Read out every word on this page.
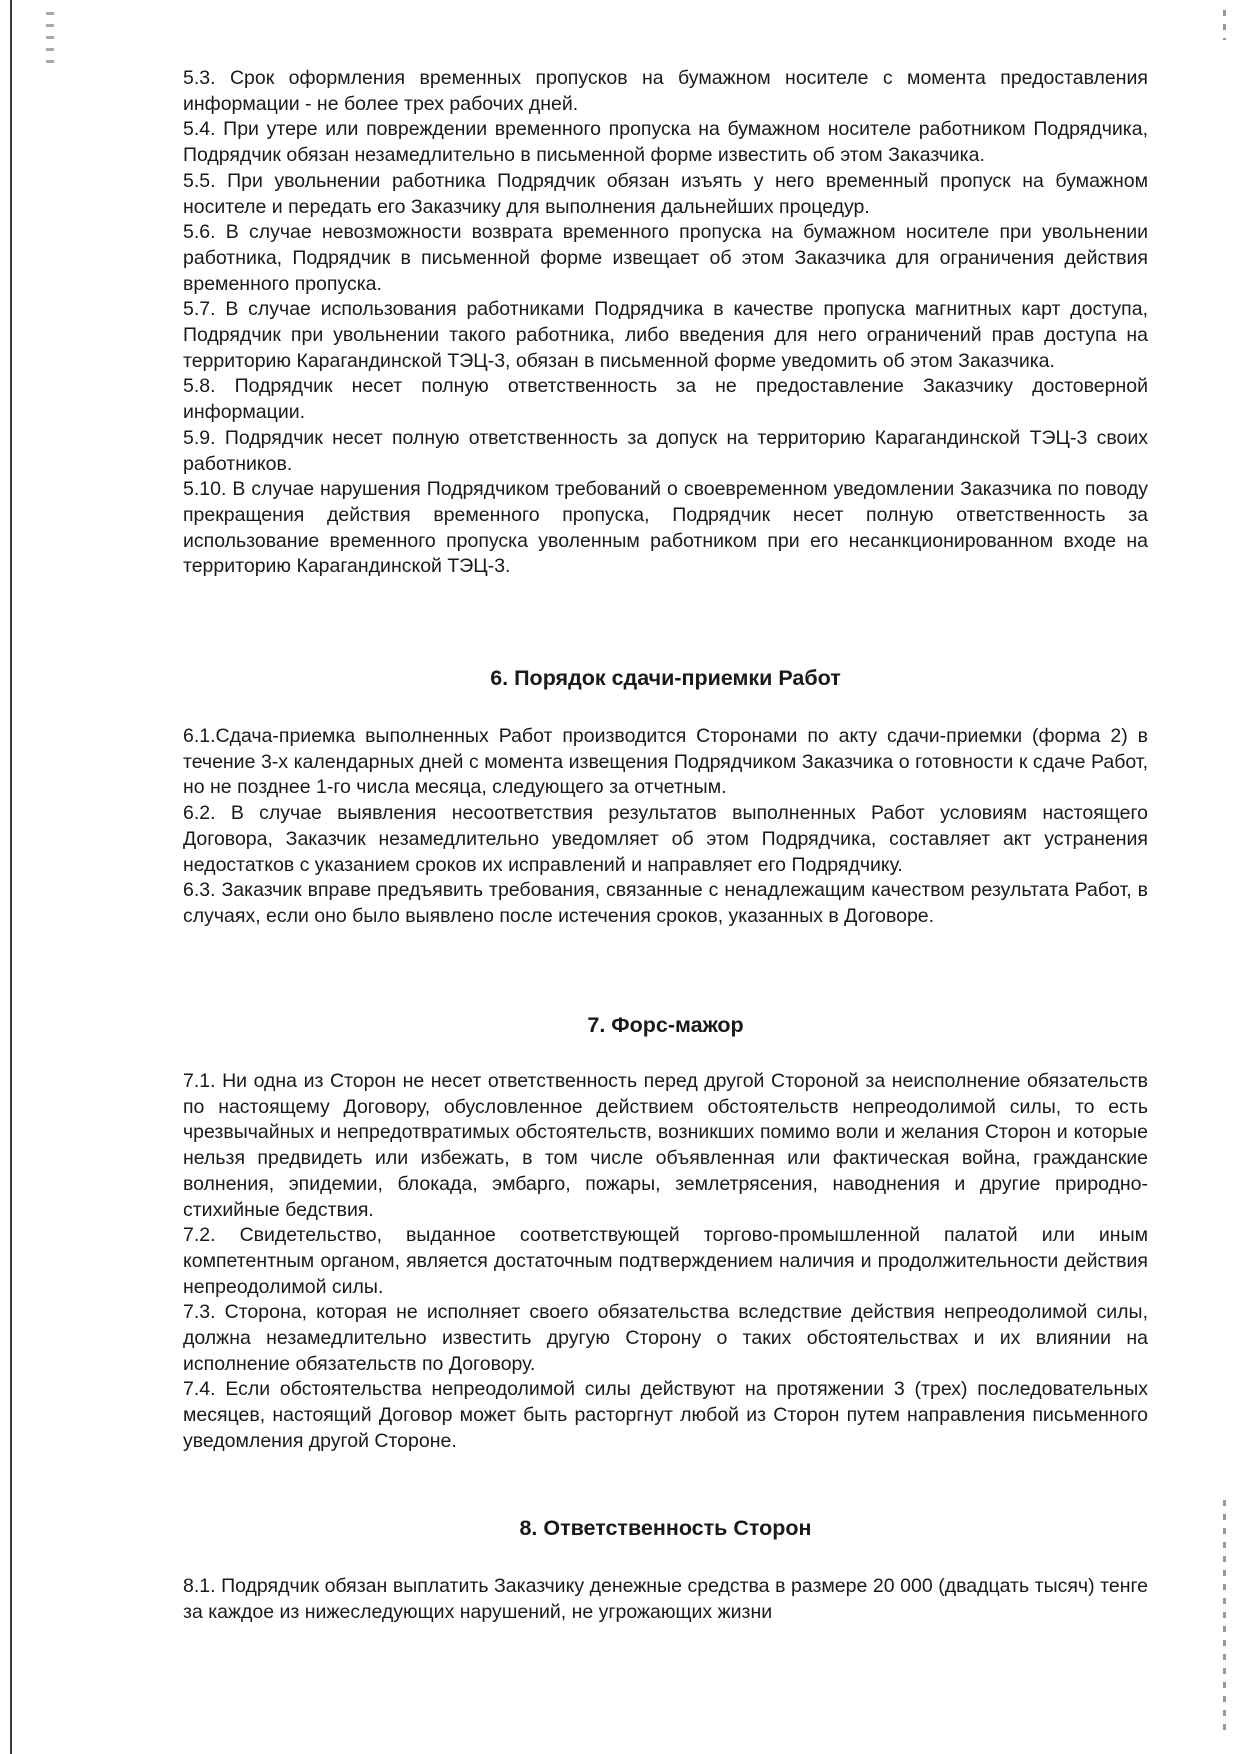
5.3. Срок оформления временных пропусков на бумажном носителе с момента предоставления информации - не более трех рабочих дней.

5.4. При утере или повреждении временного пропуска на бумажном носителе работником Подрядчика, Подрядчик обязан незамедлительно в письменной форме известить об этом Заказчика.

5.5. При увольнении работника Подрядчик обязан изъять у него временный пропуск на бумажном носителе и передать его Заказчику для выполнения дальнейших процедур.

5.6. В случае невозможности возврата временного пропуска на бумажном носителе при увольнении работника, Подрядчик в письменной форме извещает об этом Заказчика для ограничения действия временного пропуска.

5.7. В случае использования работниками Подрядчика в качестве пропуска магнитных карт доступа, Подрядчик при увольнении такого работника, либо введения для него ограничений прав доступа на территорию Карагандинской ТЭЦ-3, обязан в письменной форме уведомить об этом Заказчика.

5.8. Подрядчик несет полную ответственность за не предоставление Заказчику достоверной информации.

5.9. Подрядчик несет полную ответственность за допуск на территорию Карагандинской ТЭЦ-3 своих работников.

5.10. В случае нарушения Подрядчиком требований о своевременном уведомлении Заказчика по поводу прекращения действия временного пропуска, Подрядчик несет полную ответственность за использование временного пропуска уволенным работником при его несанкционированном входе на территорию Карагандинской ТЭЦ-3.

6. Порядок сдачи-приемки Работ

6.1.Сдача-приемка выполненных Работ производится Сторонами по акту сдачи-приемки (форма 2) в течение 3-х календарных дней с момента извещения Подрядчиком Заказчика о готовности к сдаче Работ, но не позднее 1-го числа месяца, следующего за отчетным.

6.2. В случае выявления несоответствия результатов выполненных Работ условиям настоящего Договора, Заказчик незамедлительно уведомляет об этом Подрядчика, составляет акт устранения недостатков с указанием сроков их исправлений и направляет его Подрядчику.

6.3. Заказчик вправе предъявить требования, связанные с ненадлежащим качеством результата Работ, в случаях, если оно было выявлено после истечения сроков, указанных в Договоре.

7. Форс-мажор

7.1. Ни одна из Сторон не несет ответственность перед другой Стороной за неисполнение обязательств по настоящему Договору, обусловленное действием обстоятельств непреодолимой силы, то есть чрезвычайных и непредотвратимых обстоятельств, возникших помимо воли и желания Сторон и которые нельзя предвидеть или избежать, в том числе объявленная или фактическая война, гражданские волнения, эпидемии, блокада, эмбарго, пожары, землетрясения, наводнения и другие природно-стихийные бедствия.

7.2. Свидетельство, выданное соответствующей торгово-промышленной палатой или иным компетентным органом, является достаточным подтверждением наличия и продолжительности действия непреодолимой силы.

7.3. Сторона, которая не исполняет своего обязательства вследствие действия непреодолимой силы, должна незамедлительно известить другую Сторону о таких обстоятельствах и их влиянии на исполнение обязательств по Договору.

7.4. Если обстоятельства непреодолимой силы действуют на протяжении 3 (трех) последовательных месяцев, настоящий Договор может быть расторгнут любой из Сторон путем направления письменного уведомления другой Стороне.

8. Ответственность Сторон

8.1. Подрядчик обязан выплатить Заказчику денежные средства в размере 20 000 (двадцать тысяч) тенге за каждое из нижеследующих нарушений, не угрожающих жизни
